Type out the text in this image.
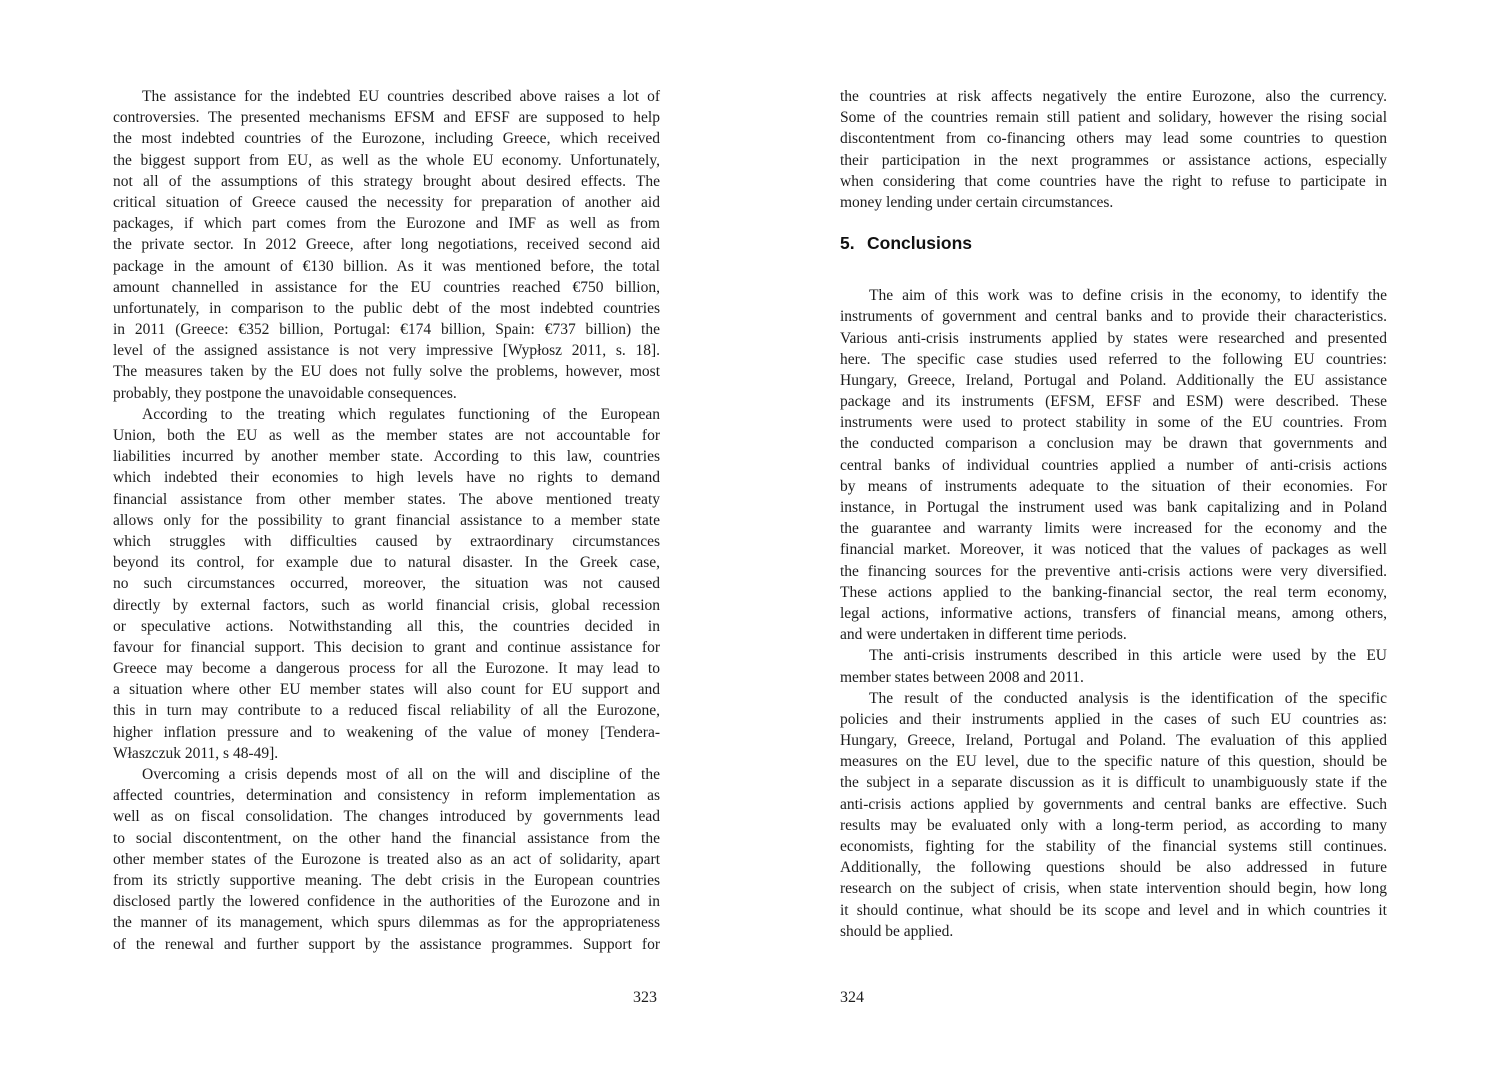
The assistance for the indebted EU countries described above raises a lot of
controversies. The presented mechanisms EFSM and EFSF are supposed to help
the most indebted countries of the Eurozone, including Greece, which received
the biggest support from EU, as well as the whole EU economy. Unfortunately,
not all of the assumptions of this strategy brought about desired effects. The
critical situation of Greece caused the necessity for preparation of another aid
packages, if which part comes from the Eurozone and IMF as well as from
the private sector. In 2012 Greece, after long negotiations, received second aid
package in the amount of €130 billion. As it was mentioned before, the total
amount channelled in assistance for the EU countries reached €750 billion,
unfortunately, in comparison to the public debt of the most indebted countries
in 2011 (Greece: €352 billion, Portugal: €174 billion, Spain: €737 billion) the
level of the assigned assistance is not very impressive [Wypłosz 2011, s. 18].
The measures taken by the EU does not fully solve the problems, however, most
probably, they postpone the unavoidable consequences.

According to the treating which regulates functioning of the European
Union, both the EU as well as the member states are not accountable for
liabilities incurred by another member state. According to this law, countries
which indebted their economies to high levels have no rights to demand
financial assistance from other member states. The above mentioned treaty
allows only for the possibility to grant financial assistance to a member state
which struggles with difficulties caused by extraordinary circumstances
beyond its control, for example due to natural disaster. In the Greek case,
no such circumstances occurred, moreover, the situation was not caused
directly by external factors, such as world financial crisis, global recession
or speculative actions. Notwithstanding all this, the countries decided in
favour for financial support. This decision to grant and continue assistance for
Greece may become a dangerous process for all the Eurozone. It may lead to
a situation where other EU member states will also count for EU support and
this in turn may contribute to a reduced fiscal reliability of all the Eurozone,
higher inflation pressure and to weakening of the value of money [Tendera-
Właszczuk 2011, s 48-49].

Overcoming a crisis depends most of all on the will and discipline of the
affected countries, determination and consistency in reform implementation as
well as on fiscal consolidation. The changes introduced by governments lead
to social discontentment, on the other hand the financial assistance from the
other member states of the Eurozone is treated also as an act of solidarity, apart
from its strictly supportive meaning. The debt crisis in the European countries
disclosed partly the lowered confidence in the authorities of the Eurozone and in
the manner of its management, which spurs dilemmas as for the appropriateness
of the renewal and further support by the assistance programmes. Support for

323

the countries at risk affects negatively the entire Eurozone, also the currency.
Some of the countries remain still patient and solidary, however the rising social
discontentment from co-financing others may lead some countries to question
their participation in the next programmes or assistance actions, especially
when considering that come countries have the right to refuse to participate in
money lending under certain circumstances.

5. Conclusions

The aim of this work was to define crisis in the economy, to identify the
instruments of government and central banks and to provide their characteristics.
Various anti-crisis instruments applied by states were researched and presented
here. The specific case studies used referred to the following EU countries:
Hungary, Greece, Ireland, Portugal and Poland. Additionally the EU assistance
package and its instruments (EFSM, EFSF and ESM) were described. These
instruments were used to protect stability in some of the EU countries. From
the conducted comparison a conclusion may be drawn that governments and
central banks of individual countries applied a number of anti-crisis actions
by means of instruments adequate to the situation of their economies. For
instance, in Portugal the instrument used was bank capitalizing and in Poland
the guarantee and warranty limits were increased for the economy and the
financial market. Moreover, it was noticed that the values of packages as well
the financing sources for the preventive anti-crisis actions were very diversified.
These actions applied to the banking-financial sector, the real term economy,
legal actions, informative actions, transfers of financial means, among others,
and were undertaken in different time periods.

The anti-crisis instruments described in this article were used by the EU
member states between 2008 and 2011.

The result of the conducted analysis is the identification of the specific
policies and their instruments applied in the cases of such EU countries as:
Hungary, Greece, Ireland, Portugal and Poland. The evaluation of this applied
measures on the EU level, due to the specific nature of this question, should be
the subject in a separate discussion as it is difficult to unambiguously state if the
anti-crisis actions applied by governments and central banks are effective. Such
results may be evaluated only with a long-term period, as according to many
economists, fighting for the stability of the financial systems still continues.
Additionally, the following questions should be also addressed in future
research on the subject of crisis, when state intervention should begin, how long
it should continue, what should be its scope and level and in which countries it
should be applied.

324
